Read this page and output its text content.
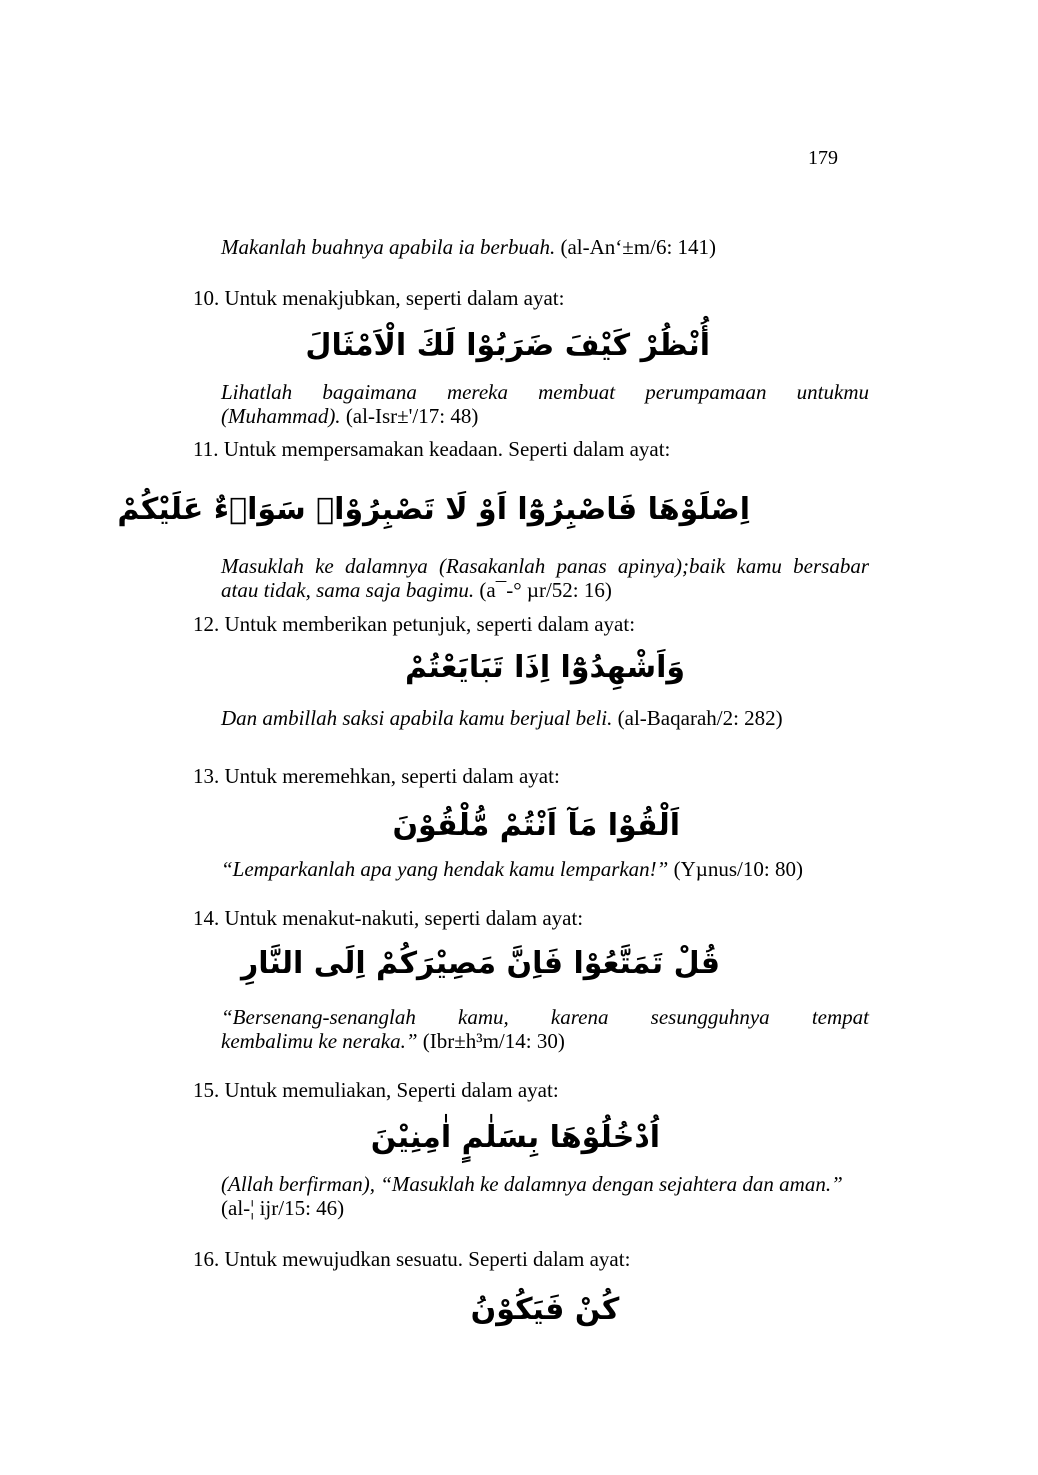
179
Makanlah buahnya apabila ia berbuah. (al-An‘±m/6: 141)
10. Untuk menakjubkan, seperti dalam ayat:
أُنْظُرْ كَيْفَ ضَرَبُوْا لَكَ الْاَمْثَالَ
Lihatlah bagaimana mereka membuat perumpamaan untukmu
(Muhammad). (al-Isr±'/17: 48)
11. Untuk mempersamakan keadaan. Seperti dalam ayat:
اِصْلَوْهَا فَاصْبِرُوْٓا اَوْ لَا تَصْبِرُوْاۚ سَوَاۤءٌ عَلَيْكُمْ
Masuklah ke dalamnya (Rasakanlah panas apinya);baik kamu bersabar
atau tidak, sama saja bagimu. (a¯-° µr/52: 16)
12. Untuk memberikan petunjuk, seperti dalam ayat:
وَاَشْهِدُوْٓا اِذَا تَبَايَعْتُمْ
Dan ambillah saksi apabila kamu berjual beli. (al-Baqarah/2: 282)
13. Untuk meremehkan, seperti dalam ayat:
اَلْقُوْا مَآ اَنْتُمْ مُّلْقُوْنَ
“Lemparkanlah apa yang hendak kamu lemparkan!” (Yµnus/10: 80)
14. Untuk menakut-nakuti, seperti dalam ayat:
قُلْ تَمَتَّعُوْا فَاِنَّ مَصِيْرَكُمْ اِلَى النَّارِ
“Bersenang-senanglah kamu, karena sesungguhnya tempat
kembalimu ke neraka.” (Ibr±h³m/14: 30)
15. Untuk memuliakan, Seperti dalam ayat:
اُدْخُلُوْهَا بِسَلٰمٍ اٰمِنِيْنَ
(Allah berfirman), “Masuklah ke dalamnya dengan sejahtera dan aman.”
(al-¦ ijr/15: 46)
16. Untuk mewujudkan sesuatu. Seperti dalam ayat:
كُنْ فَيَكُوْنُ
